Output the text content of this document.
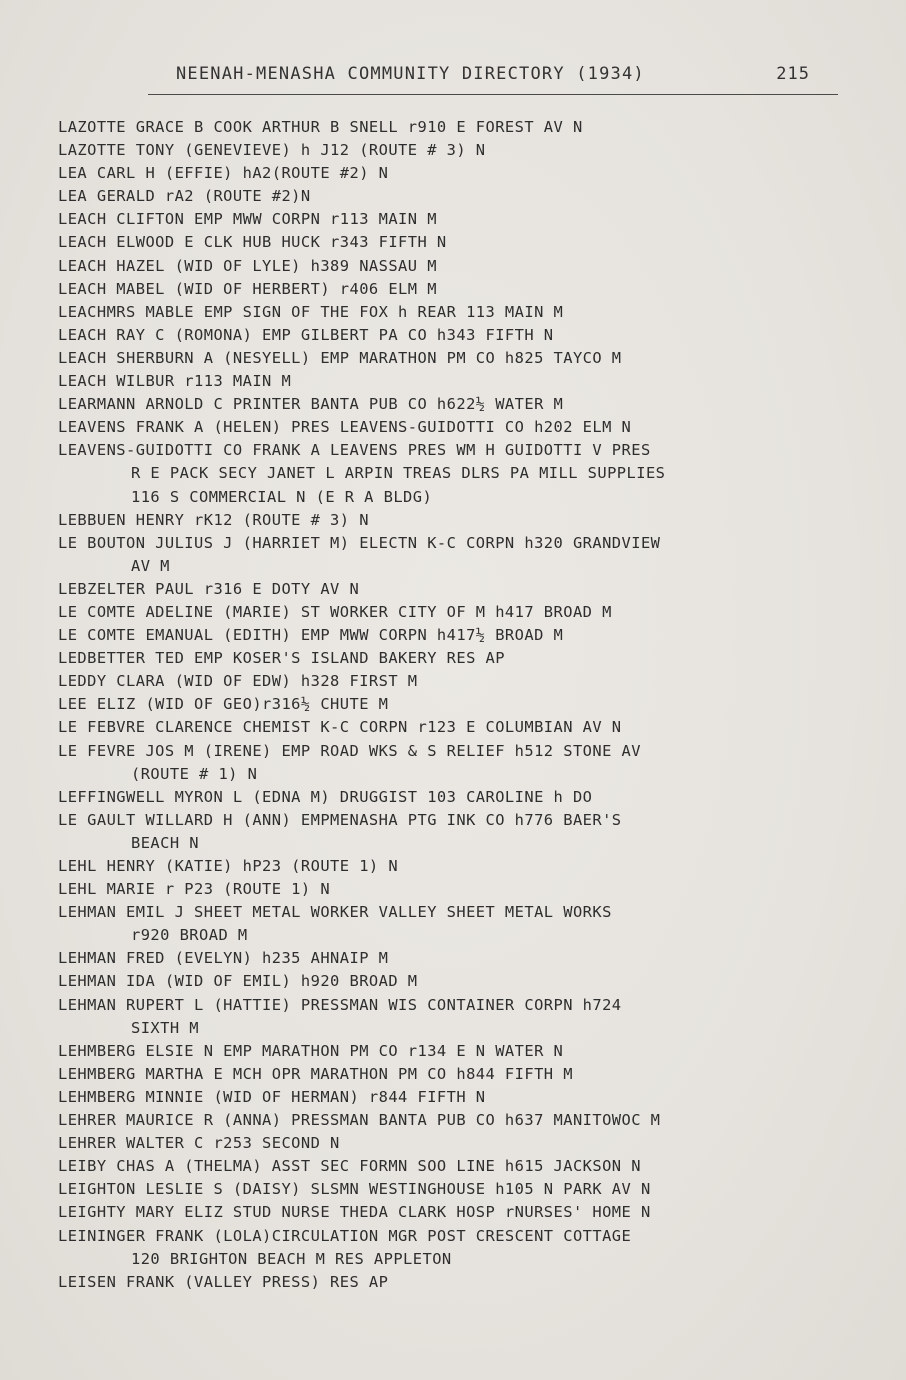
NEENAH-MENASHA COMMUNITY DIRECTORY (1934)	215
LAZOTTE GRACE B COOK ARTHUR B SNELL r910 E FOREST AV N
LAZOTTE TONY (GENEVIEVE) h J12 (ROUTE # 3) N
LEA CARL H (EFFIE) hA2(ROUTE #2) N
LEA GERALD rA2 (ROUTE #2)N
LEACH CLIFTON EMP MWW CORPN r113 MAIN M
LEACH ELWOOD E CLK HUB HUCK r343 FIFTH N
LEACH HAZEL (WID OF LYLE) h389 NASSAU M
LEACH MABEL (WID OF HERBERT) r406 ELM M
LEACHMRS MABLE EMP SIGN OF THE FOX h REAR 113 MAIN M
LEACH RAY C (ROMONA) EMP GILBERT PA CO h343 FIFTH N
LEACH SHERBURN A (NESYELL) EMP MARATHON PM CO h825 TAYCO M
LEACH WILBUR r113 MAIN M
LEARMANN ARNOLD C PRINTER BANTA PUB CO h622½ WATER M
LEAVENS FRANK A (HELEN) PRES LEAVENS-GUIDOTTI CO h202 ELM N
LEAVENS-GUIDOTTI CO FRANK A LEAVENS PRES WM H GUIDOTTI V PRES
R E PACK SECY JANET L ARPIN TREAS DLRS PA MILL SUPPLIES
116 S COMMERCIAL N (E R A BLDG)
LEBBUEN HENRY rK12 (ROUTE # 3) N
LE BOUTON JULIUS J (HARRIET M) ELECTN K-C CORPN h320 GRANDVIEW
AV M
LEBZELTER PAUL r316 E DOTY AV N
LE COMTE ADELINE (MARIE) ST WORKER CITY OF M h417 BROAD M
LE COMTE EMANUAL (EDITH) EMP MWW CORPN h417½ BROAD M
LEDBETTER TED EMP KOSER'S ISLAND BAKERY RES AP
LEDDY CLARA (WID OF EDW) h328 FIRST M
LEE ELIZ (WID OF GEO)r316½ CHUTE M
LE FEBVRE CLARENCE CHEMIST K-C CORPN r123 E COLUMBIAN AV N
LE FEVRE JOS M (IRENE) EMP ROAD WKS & S RELIEF h512 STONE AV
(ROUTE # 1) N
LEFFINGWELL MYRON L (EDNA M) DRUGGIST 103 CAROLINE h DO
LE GAULT WILLARD H (ANN) EMPMENASHA PTG INK CO h776 BAER'S
BEACH N
LEHL HENRY (KATIE) hP23 (ROUTE 1) N
LEHL MARIE r P23 (ROUTE 1) N
LEHMAN EMIL J SHEET METAL WORKER VALLEY SHEET METAL WORKS
r920 BROAD M
LEHMAN FRED (EVELYN) h235 AHNAIP M
LEHMAN IDA (WID OF EMIL) h920 BROAD M
LEHMAN RUPERT L (HATTIE) PRESSMAN WIS CONTAINER CORPN h724
SIXTH M
LEHMBERG ELSIE N EMP MARATHON PM CO r134 E N WATER N
LEHMBERG MARTHA E MCH OPR MARATHON PM CO h844 FIFTH M
LEHMBERG MINNIE (WID OF HERMAN) r844 FIFTH N
LEHRER MAURICE R (ANNA) PRESSMAN BANTA PUB CO h637 MANITOWOC M
LEHRER WALTER C r253 SECOND N
LEIBY CHAS A (THELMA) ASST SEC FORMN SOO LINE h615 JACKSON N
LEIGHTON LESLIE S (DAISY) SLSMN WESTINGHOUSE h105 N PARK AV N
LEIGHTY MARY ELIZ STUD NURSE THEDA CLARK HOSP rNURSES' HOME N
LEININGER FRANK (LOLA)CIRCULATION MGR POST CRESCENT COTTAGE
120 BRIGHTON BEACH M RES APPLETON
LEISEN FRANK (VALLEY PRESS) RES AP
